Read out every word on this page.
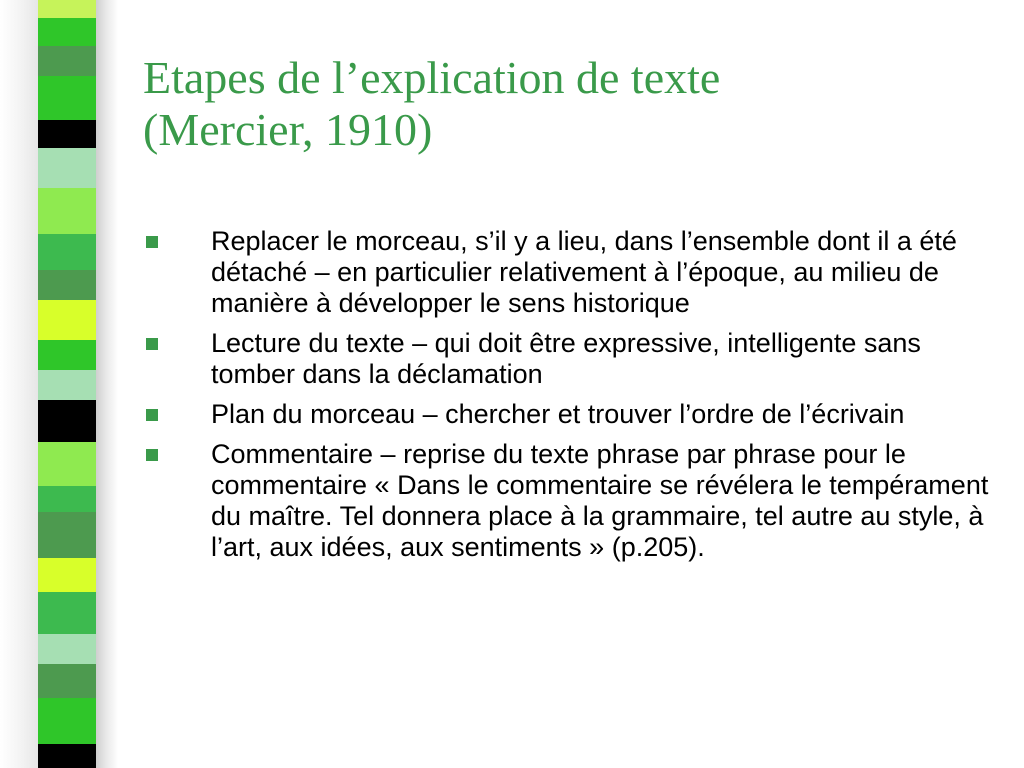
Etapes de l’explication de texte
(Mercier, 1910)
Replacer le morceau, s’il y a lieu, dans l’ensemble dont il a été détaché – en particulier relativement à l’époque, au milieu de manière à développer le sens historique
Lecture du texte – qui doit être expressive, intelligente sans tomber dans la déclamation
Plan du morceau – chercher et trouver l’ordre de l’écrivain
Commentaire – reprise du texte phrase par phrase pour le commentaire « Dans le commentaire se révélera le tempérament du maître. Tel donnera place à la grammaire, tel autre au style, à l’art, aux idées, aux sentiments » (p.205).
